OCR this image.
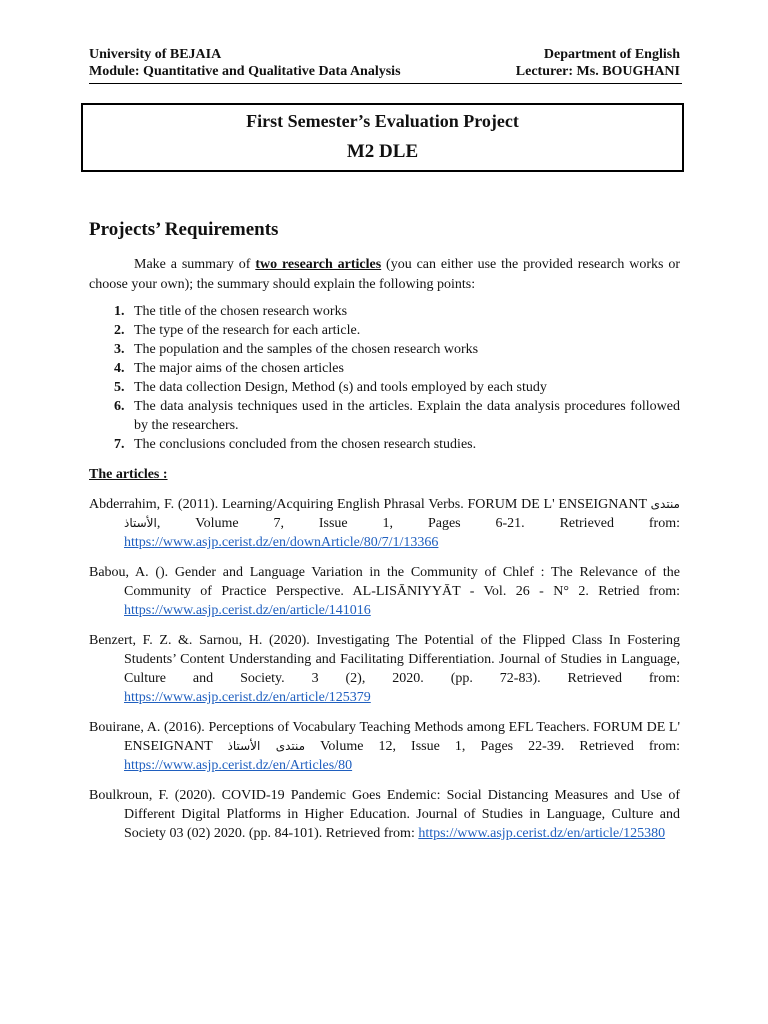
University of BEJAIA	Department of English
Module: Quantitative and Qualitative Data Analysis	Lecturer: Ms. BOUGHANI
First Semester’s Evaluation Project
M2 DLE
Projects’ Requirements
Make a summary of two research articles (you can either use the provided research works or choose your own); the summary should explain the following points:
1. The title of the chosen research works
2. The type of the research for each article.
3. The population and the samples of the chosen research works
4. The major aims of the chosen articles
5. The data collection Design, Method (s) and tools employed by each study
6. The data analysis techniques used in the articles. Explain the data analysis procedures followed by the researchers.
7. The conclusions concluded from the chosen research studies.
The articles :
Abderrahim, F. (2011). Learning/Acquiring English Phrasal Verbs. FORUM DE L' ENSEIGNANT منتدى الأستاذ, Volume 7, Issue 1, Pages 6-21. Retrieved from: https://www.asjp.cerist.dz/en/downArticle/80/7/1/13366
Babou, A. (). Gender and Language Variation in the Community of Chlef : The Relevance of the Community of Practice Perspective. AL-LISĀNIYYĀT - Vol. 26 - N° 2. Retried from: https://www.asjp.cerist.dz/en/article/141016
Benzert, F. Z. &. Sarnou, H. (2020). Investigating The Potential of the Flipped Class In Fostering Students’ Content Understanding and Facilitating Differentiation. Journal of Studies in Language, Culture and Society. 3 (2), 2020. (pp. 72-83). Retrieved from: https://www.asjp.cerist.dz/en/article/125379
Bouirane, A. (2016). Perceptions of Vocabulary Teaching Methods among EFL Teachers. FORUM DE L' ENSEIGNANT منتدى الأستاذ Volume 12, Issue 1, Pages 22-39. Retrieved from: https://www.asjp.cerist.dz/en/Articles/80
Boulkroun, F. (2020). COVID-19 Pandemic Goes Endemic: Social Distancing Measures and Use of Different Digital Platforms in Higher Education. Journal of Studies in Language, Culture and Society 03 (02) 2020. (pp. 84-101). Retrieved from: https://www.asjp.cerist.dz/en/article/125380
